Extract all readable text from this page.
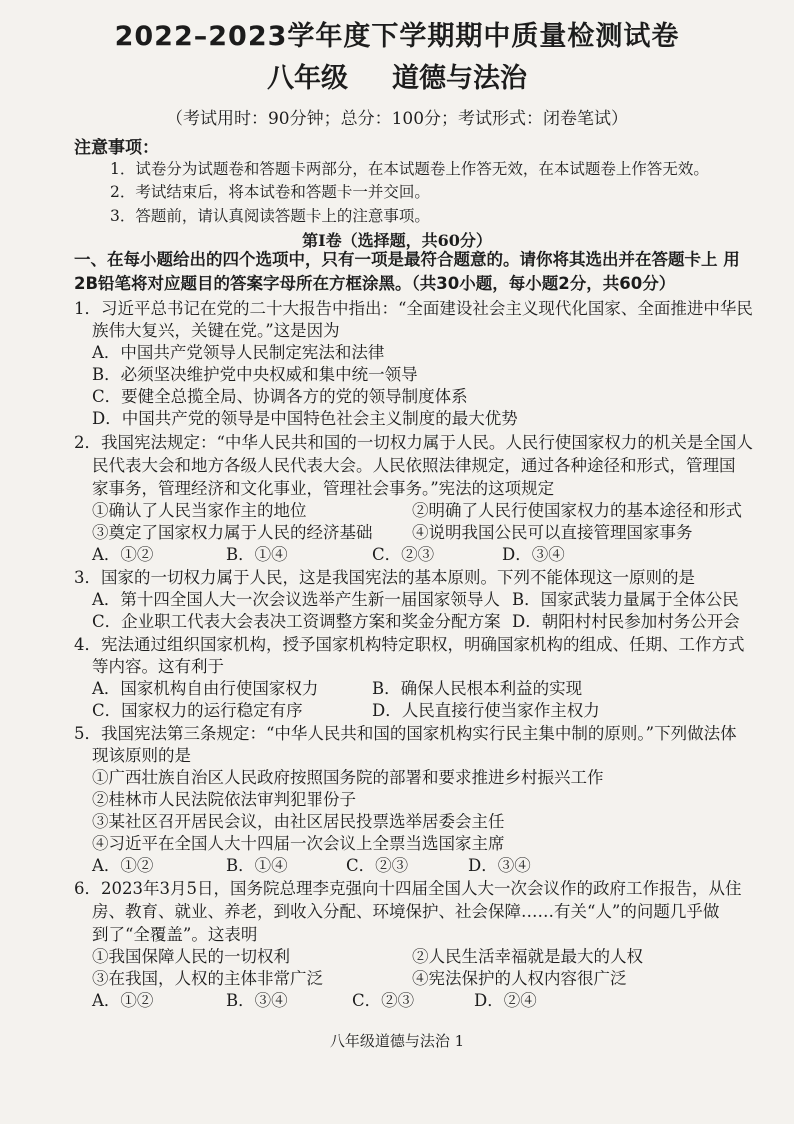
2022–2023学年度下学期期中质量检测试卷
八年级 道德与法治
（考试用时：90分钟；总分：100分；考试形式：闭卷笔试）
注意事项：
1．试卷分为试题卷和答题卡两部分，在本试题卷上作答无效，在本试题卷上作答无效。
2．考试结束后，将本试卷和答题卡一并交回。
3．答题前，请认真阅读答题卡上的注意事项。
第Ⅰ卷（选择题，共60分）
一、在每小题给出的四个选项中，只有一项是最符合题意的。请你将其选出并在答题卡上 用
2B铅笔将对应题目的答案字母所在方框涂黑。（共30小题，每小题2分，共60分）
1．习近平总书记在党的二十大报告中指出：“全面建设社会主义现代化国家、全面推进中华民
族伟大复兴，关键在党。”这是因为
A．中国共产党领导人民制定宪法和法律
B．必须坚决维护党中央权威和集中统一领导
C．要健全总揽全局、协调各方的党的领导制度体系
D．中国共产党的领导是中国特色社会主义制度的最大优势
2．我国宪法规定：“中华人民共和国的一切权力属于人民。人民行使国家权力的机关是全国人
民代表大会和地方各级人民代表大会。人民依照法律规定，通过各种途径和形式，管理国
家事务，管理经济和文化事业，管理社会事务。”宪法的这项规定
①确认了人民当家作主的地位	②明确了人民行使国家权力的基本途径和形式
③奠定了国家权力属于人民的经济基础 ④说明我国公民可以直接管理国家事务
A．①②	B．①④	C．②③	D．③④
3．国家的一切权力属于人民，这是我国宪法的基本原则。下列不能体现这一原则的是
A．第十四全国人大一次会议选举产生新一届国家领导人 B．国家武装力量属于全体公民
C．企业职工代表大会表决工资调整方案和奖金分配方案 D．朝阳村村民参加村务公开会
4．宪法通过组织国家机构，授予国家机构特定职权，明确国家机构的组成、任期、工作方式
等内容。这有利于
A．国家机构自由行使国家权力	B．确保人民根本利益的实现
C．国家权力的运行稳定有序	D．人民直接行使当家作主权力
5．我国宪法第三条规定：“中华人民共和国的国家机构实行民主集中制的原则。”下列做法体
现该原则的是
①广西壮族自治区人民政府按照国务院的部署和要求推进乡村振兴工作
②桂林市人民法院依法审判犯罪份子
③某社区召开居民会议，由社区居民投票选举居委会主任
④习近平在全国人大十四届一次会议上全票当选国家主席
A．①②	B．①④	C．②③	D．③④
6．2023年3月5日，国务院总理李克强向十四届全国人大一次会议作的政府工作报告，从住
房、教育、就业、养老，到收入分配、环境保护、社会保障……有关“人”的问题几乎做
到了“全覆盖”。这表明
①我国保障人民的一切权利	②人民生活幸福就是最大的人权
③在我国，人权的主体非常广泛	④宪法保护的人权内容很广泛
A．①②	B．③④	C．②③	D．②④
八年级道德与法治 1
